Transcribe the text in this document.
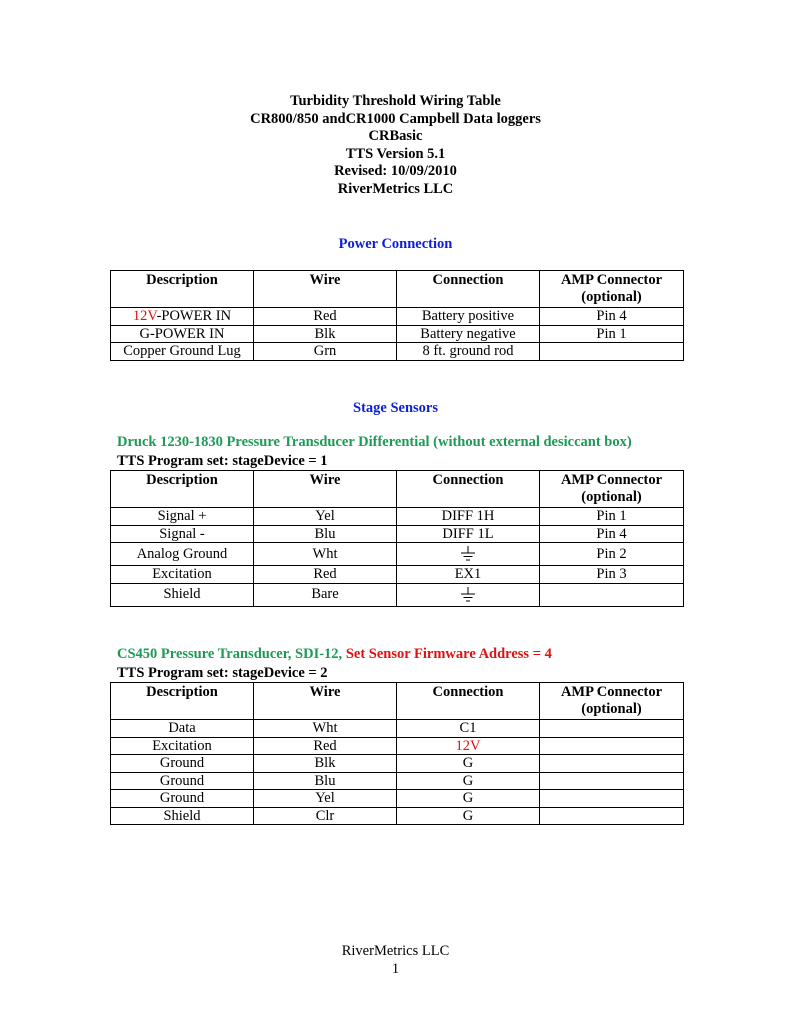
Turbidity Threshold Wiring Table
CR800/850 andCR1000 Campbell Data loggers
CRBasic
TTS Version 5.1
Revised: 10/09/2010
RiverMetrics LLC
Power Connection
Description	Wire	Connection	AMP Connector (optional)
12V-POWER IN	Red	Battery positive	Pin 4
G-POWER IN	Blk	Battery negative	Pin 1
Copper Ground Lug	Grn	8 ft. ground rod	
Stage Sensors
Druck 1230-1830 Pressure Transducer Differential (without external desiccant box)
TTS Program set: stageDevice = 1
Description	Wire	Connection	AMP Connector (optional)
Signal +	Yel	DIFF 1H	Pin 1
Signal -	Blu	DIFF 1L	Pin 4
Analog Ground	Wht		Pin 2
Excitation	Red	EX1	Pin 3
Shield	Bare		
CS450 Pressure Transducer, SDI-12, Set Sensor Firmware Address = 4
TTS Program set: stageDevice = 2
Description	Wire	Connection	AMP Connector (optional)
Data	Wht	C1	
Excitation	Red	12V	
Ground	Blk	G	
Ground	Blu	G	
Ground	Yel	G	
Shield	Clr	G	
RiverMetrics LLC
1
